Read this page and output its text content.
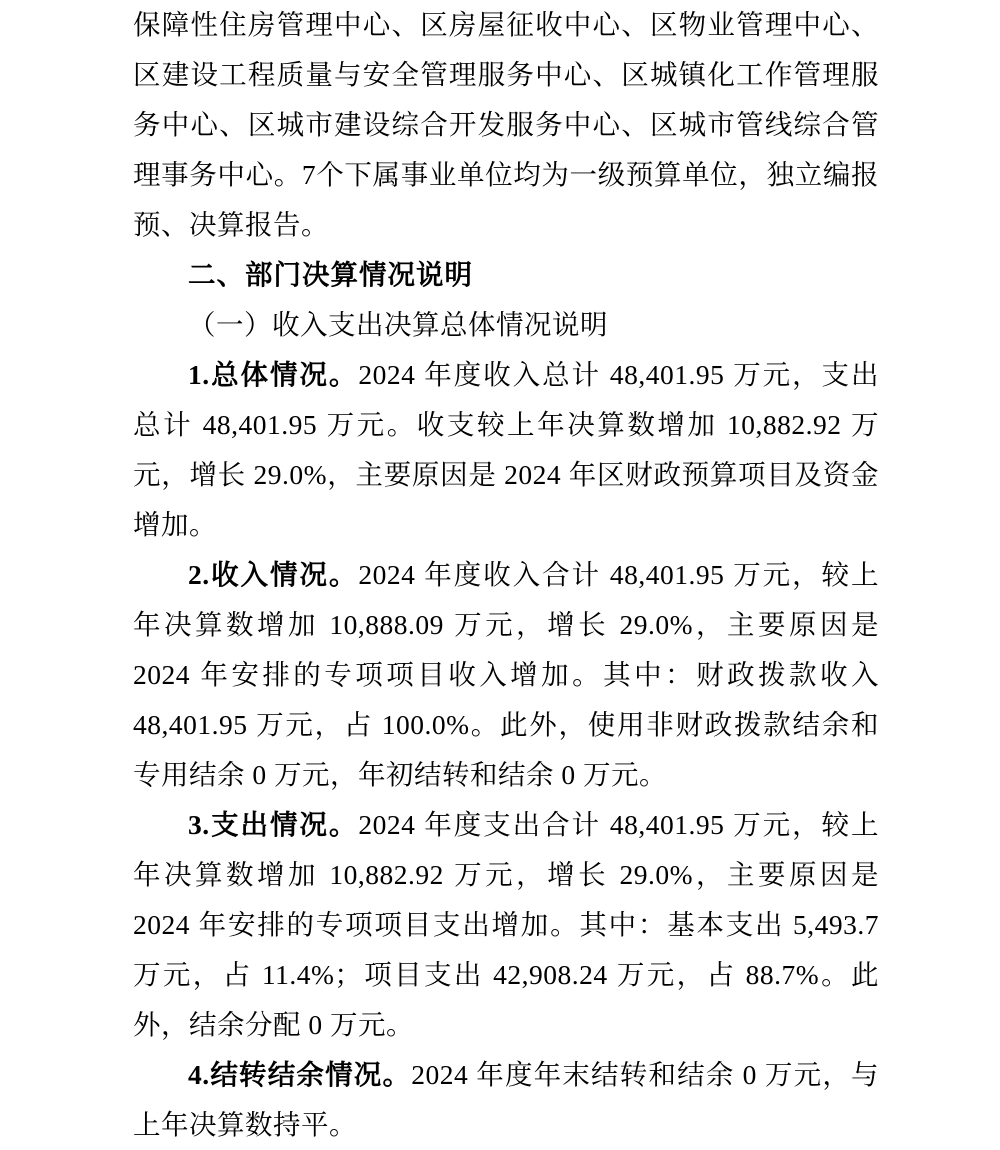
保障性住房管理中心、区房屋征收中心、区物业管理中心、区建设工程质量与安全管理服务中心、区城镇化工作管理服务中心、区城市建设综合开发服务中心、区城市管线综合管理事务中心。7个下属事业单位均为一级预算单位，独立编报预、决算报告。

二、部门决算情况说明

（一）收入支出决算总体情况说明

1.总体情况。2024 年度收入总计 48,401.95 万元，支出总计 48,401.95 万元。收支较上年决算数增加 10,882.92 万元，增长 29.0%，主要原因是 2024 年区财政预算项目及资金增加。

2.收入情况。2024 年度收入合计 48,401.95 万元，较上年决算数增加 10,888.09 万元，增长 29.0%，主要原因是 2024 年安排的专项项目收入增加。其中：财政拨款收入 48,401.95 万元，占 100.0%。此外，使用非财政拨款结余和专用结余 0 万元，年初结转和结余 0 万元。

3.支出情况。2024 年度支出合计 48,401.95 万元，较上年决算数增加 10,882.92 万元，增长 29.0%，主要原因是 2024 年安排的专项项目支出增加。其中：基本支出 5,493.7 万元，占 11.4%；项目支出 42,908.24 万元，占 88.7%。此外，结余分配 0 万元。

4.结转结余情况。2024 年度年末结转和结余 0 万元，与上年决算数持平。
